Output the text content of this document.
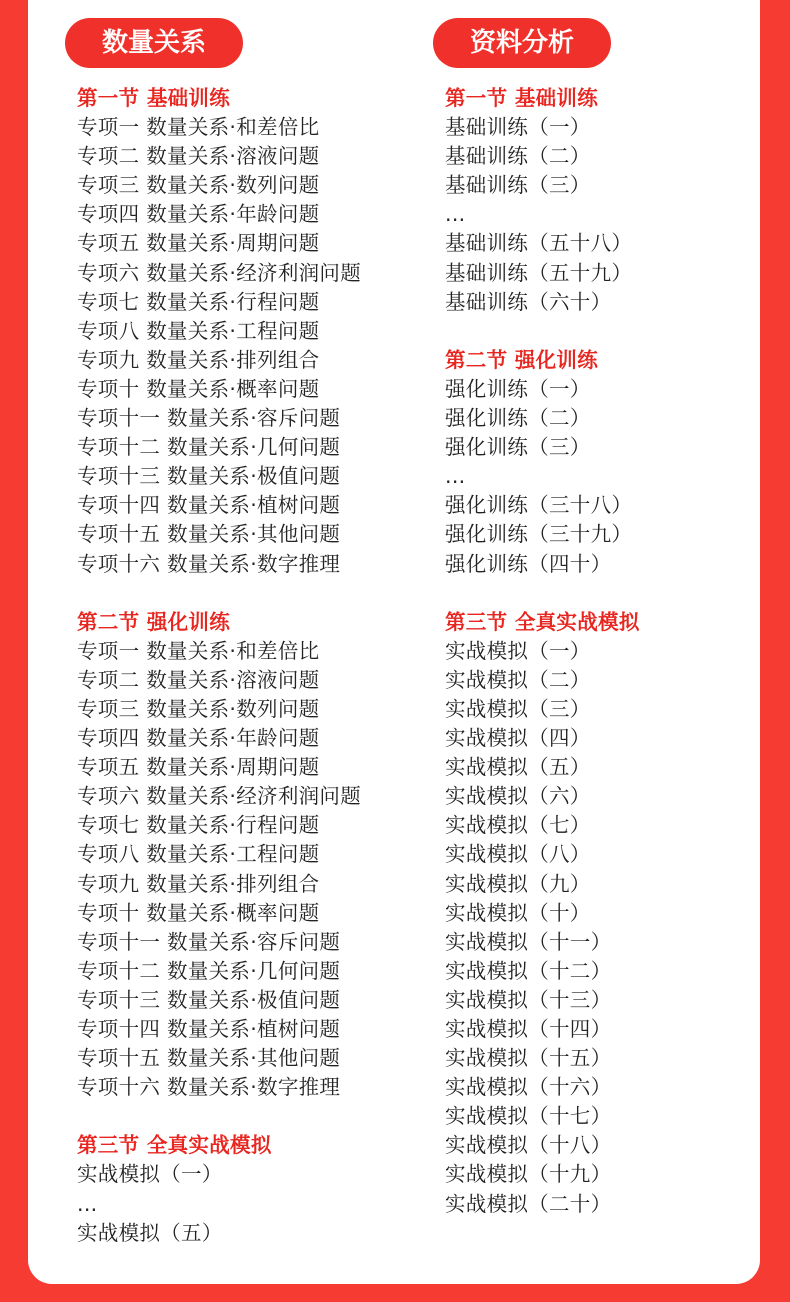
数量关系	资料分析
第一节 基础训练
专项一 数量关系·和差倍比
专项二 数量关系·溶液问题
专项三 数量关系·数列问题
专项四 数量关系·年龄问题
专项五 数量关系·周期问题
专项六 数量关系·经济利润问题
专项七 数量关系·行程问题
专项八 数量关系·工程问题
专项九 数量关系·排列组合
专项十 数量关系·概率问题
专项十一 数量关系·容斥问题
专项十二 数量关系·几何问题
专项十三 数量关系·极值问题
专项十四 数量关系·植树问题
专项十五 数量关系·其他问题
专项十六 数量关系·数字推理
第二节 强化训练
专项一 数量关系·和差倍比
专项二 数量关系·溶液问题
专项三 数量关系·数列问题
专项四 数量关系·年龄问题
专项五 数量关系·周期问题
专项六 数量关系·经济利润问题
专项七 数量关系·行程问题
专项八 数量关系·工程问题
专项九 数量关系·排列组合
专项十 数量关系·概率问题
专项十一 数量关系·容斥问题
专项十二 数量关系·几何问题
专项十三 数量关系·极值问题
专项十四 数量关系·植树问题
专项十五 数量关系·其他问题
专项十六 数量关系·数字推理
第三节 全真实战模拟
实战模拟（一）
...
实战模拟（五）
第一节 基础训练
基础训练（一）
基础训练（二）
基础训练（三）
...
基础训练（五十八）
基础训练（五十九）
基础训练（六十）
第二节 强化训练
强化训练（一）
强化训练（二）
强化训练（三）
...
强化训练（三十八）
强化训练（三十九）
强化训练（四十）
第三节 全真实战模拟
实战模拟（一）
实战模拟（二）
实战模拟（三）
实战模拟（四）
实战模拟（五）
实战模拟（六）
实战模拟（七）
实战模拟（八）
实战模拟（九）
实战模拟（十）
实战模拟（十一）
实战模拟（十二）
实战模拟（十三）
实战模拟（十四）
实战模拟（十五）
实战模拟（十六）
实战模拟（十七）
实战模拟（十八）
实战模拟（十九）
实战模拟（二十）
